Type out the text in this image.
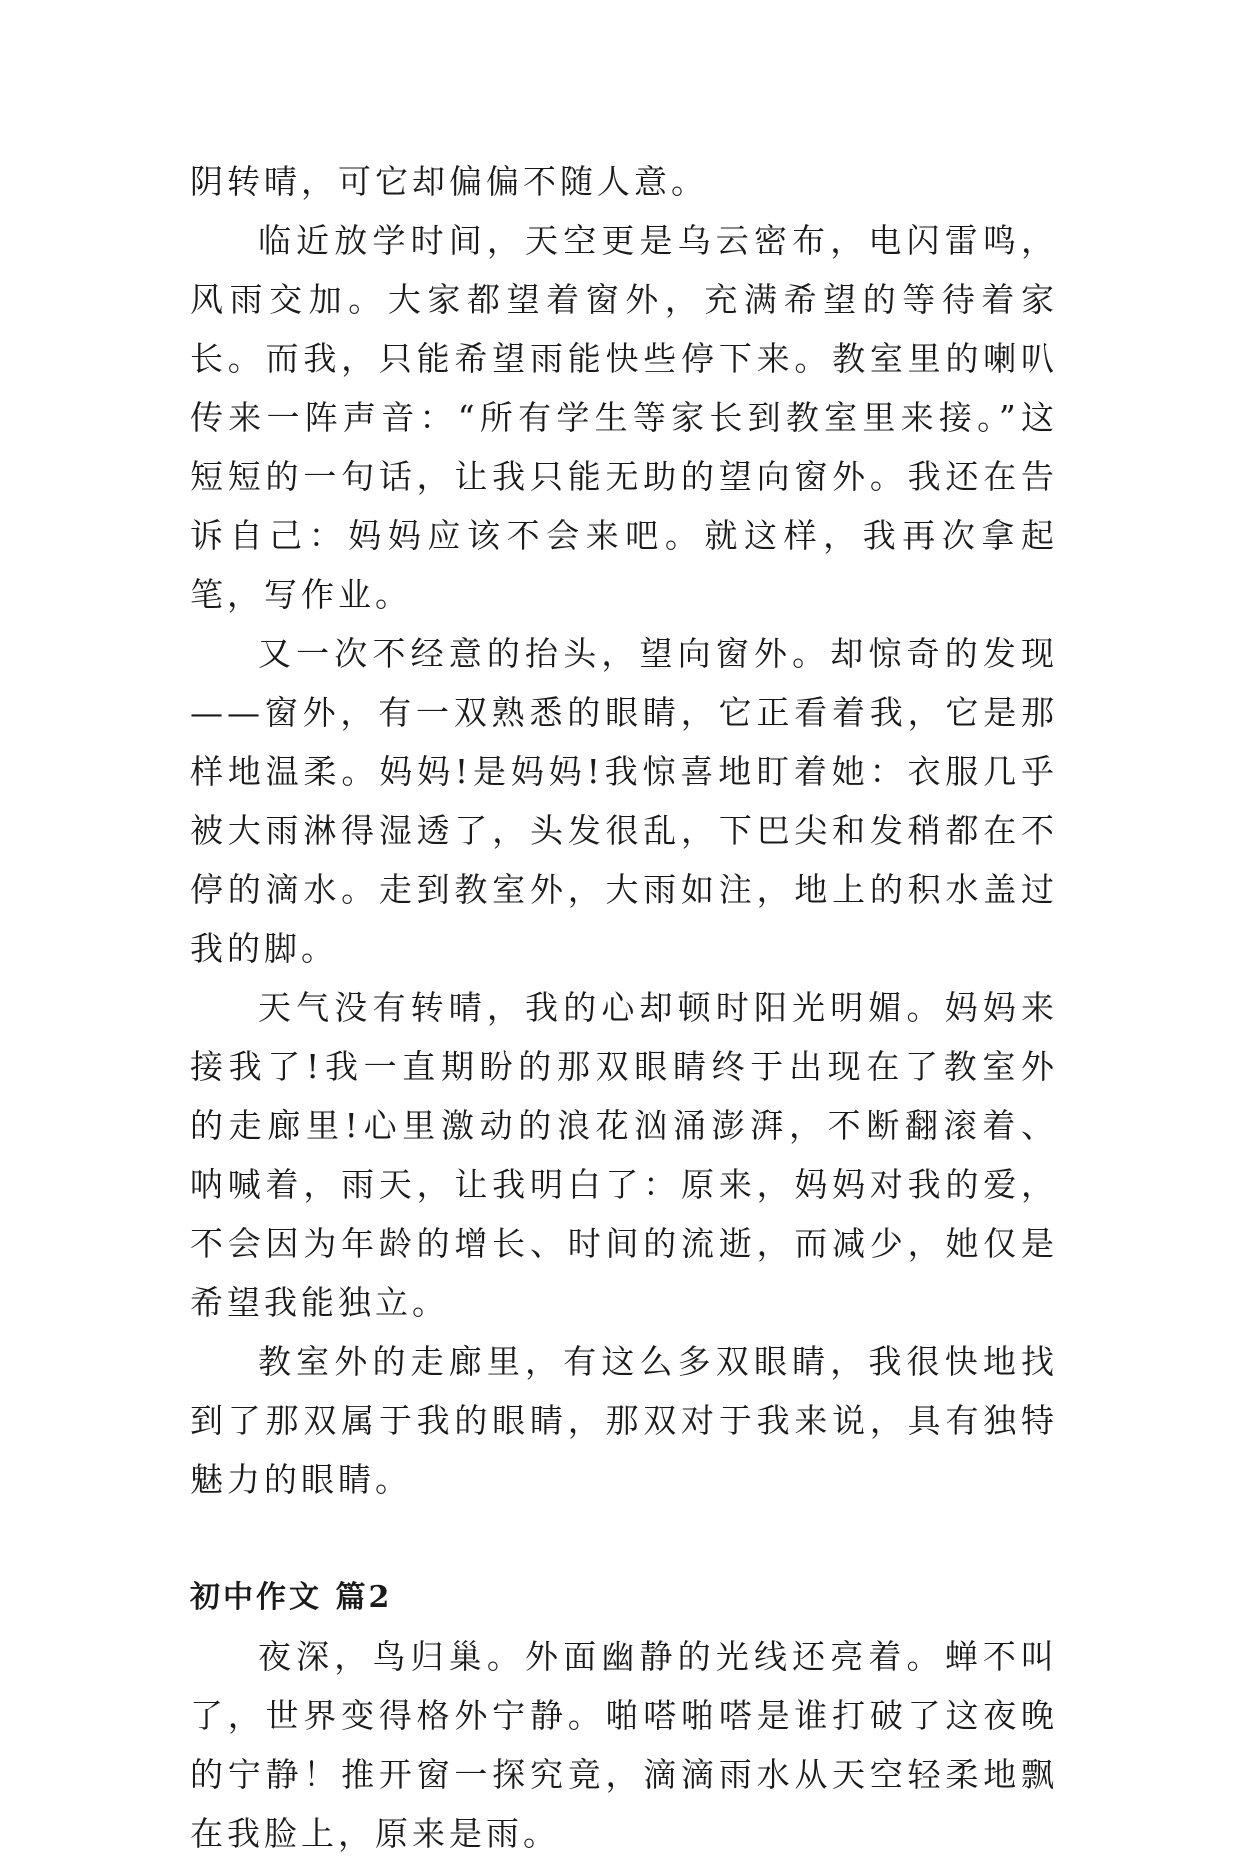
阴转晴，可它却偏偏不随人意。

临近放学时间，天空更是乌云密布，电闪雷鸣，风雨交加。大家都望着窗外，充满希望的等待着家长。而我，只能希望雨能快些停下来。教室里的喇叭传来一阵声音：“所有学生等家长到教室里来接。”这短短的一句话，让我只能无助的望向窗外。我还在告诉自己：妈妈应该不会来吧。就这样，我再次拿起笔，写作业。

又一次不经意的抬头，望向窗外。却惊奇的发现——窗外，有一双熟悉的眼睛，它正看着我，它是那样地温柔。妈妈!是妈妈!我惊喜地盯着她：衣服几乎被大雨淋得湿透了，头发很乱，下巴尖和发稍都在不停的滴水。走到教室外，大雨如注，地上的积水盖过我的脚。

天气没有转晴，我的心却顿时阳光明媚。妈妈来接我了!我一直期盼的那双眼睛终于出现在了教室外的走廊里!心里激动的浪花汹涌澎湃，不断翻滚着、呐喊着，雨天，让我明白了：原来，妈妈对我的爱，不会因为年龄的增长、时间的流逝，而减少，她仅是希望我能独立。

教室外的走廊里，有这么多双眼睛，我很快地找到了那双属于我的眼睛，那双对于我来说，具有独特魅力的眼睛。

初中作文 篇2

夜深，鸟归巢。外面幽静的光线还亮着。蝉不叫了，世界变得格外宁静。啪嗒啪嗒是谁打破了这夜晚的宁静！推开窗一探究竟，滴滴雨水从天空轻柔地飘在我脸上，原来是雨。
